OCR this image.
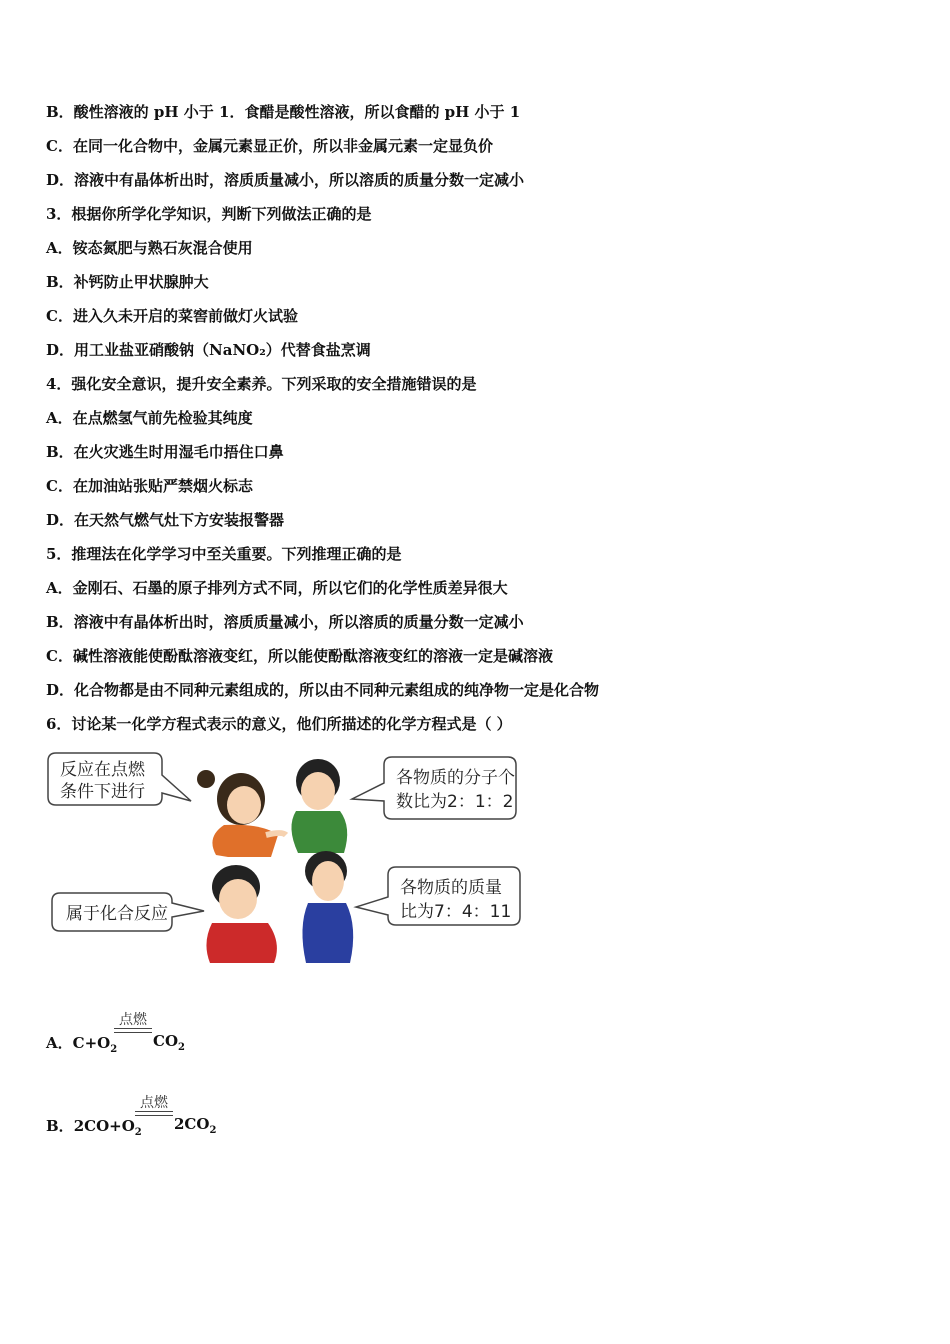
B．酸性溶液的 pH 小于 1．食醋是酸性溶液，所以食醋的 pH 小于 1
C．在同一化合物中，金属元素显正价，所以非金属元素一定显负价
D．溶液中有晶体析出时，溶质质量减小，所以溶质的质量分数一定减小
3．根据你所学化学知识，判断下列做法正确的是
A．铵态氮肥与熟石灰混合使用
B．补钙防止甲状腺肿大
C．进入久未开启的菜窖前做灯火试验
D．用工业盐亚硝酸钠（NaNO₂）代替食盐烹调
4．强化安全意识，提升安全素养。下列采取的安全措施错误的是
A．在点燃氢气前先检验其纯度
B．在火灾逃生时用湿毛巾捂住口鼻
C．在加油站张贴严禁烟火标志
D．在天然气燃气灶下方安装报警器
5．推理法在化学学习中至关重要。下列推理正确的是
A．金刚石、石墨的原子排列方式不同，所以它们的化学性质差异很大
B．溶液中有晶体析出时，溶质质量减小，所以溶质的质量分数一定减小
C．碱性溶液能使酚酞溶液变红，所以能使酚酞溶液变红的溶液一定是碱溶液
D．化合物都是由不同种元素组成的，所以由不同种元素组成的纯净物一定是化合物
6．讨论某一化学方程式表示的意义，他们所描述的化学方程式是（ ）
反应在点燃
条件下进行
各物质的分子个
数比为2：1：2
属于化合反应
各物质的质量
比为7：4：11
A．$C+O_2$
点燃
$CO_2$
B．$2CO+O_2$
点燃
$2CO_2$
